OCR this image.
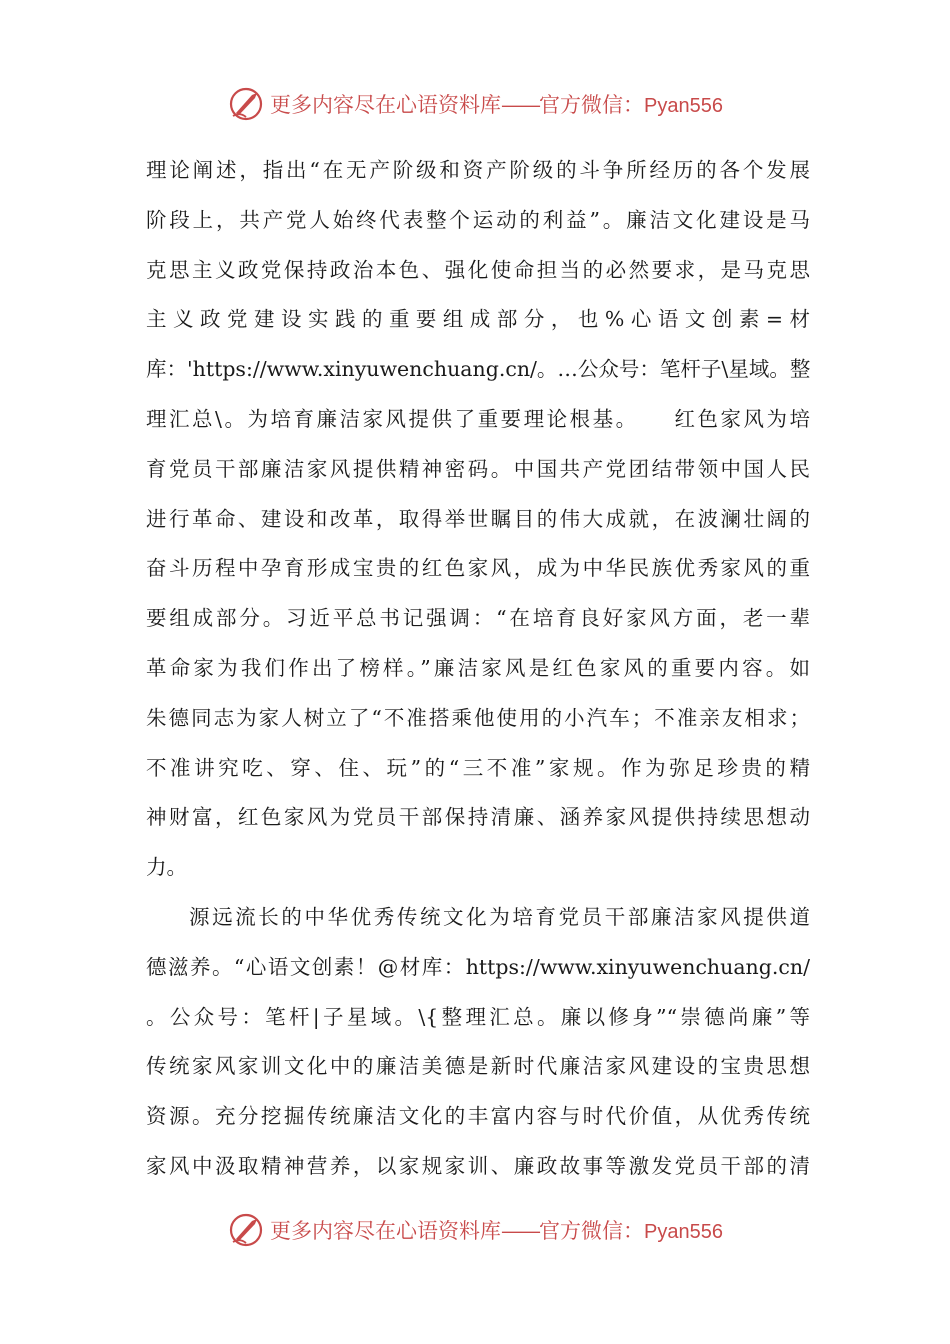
更多内容尽在心语资料库——官方微信：Pyan556
理论阐述，指出“在无产阶级和资产阶级的斗争所经历的各个发展
阶段上，共产党人始终代表整个运动的利益”。廉洁文化建设是马
克思主义政党保持政治本色、强化使命担当的必然要求，是马克思
主义政党建设实践的重要组成部分，也%心语文创素=材
库：'https://www.xinyuwenchuang.cn/。…公众号：笔杆子\星域。整
理汇总\。为培育廉洁家风提供了重要理论根基。　　红色家风为培
育党员干部廉洁家风提供精神密码。中国共产党团结带领中国人民
进行革命、建设和改革，取得举世瞩目的伟大成就，在波澜壮阔的
奋斗历程中孕育形成宝贵的红色家风，成为中华民族优秀家风的重
要组成部分。习近平总书记强调：“在培育良好家风方面，老一辈
革命家为我们作出了榜样。”廉洁家风是红色家风的重要内容。如
朱德同志为家人树立了“不准搭乘他使用的小汽车；不准亲友相求；
不准讲究吃、穿、住、玩”的“三不准”家规。作为弥足珍贵的精
神财富，红色家风为党员干部保持清廉、涵养家风提供持续思想动
力。
源远流长的中华优秀传统文化为培育党员干部廉洁家风提供道
德滋养。“心语文创素！@材库：https://www.xinyuwenchuang.cn/
。公众号：笔杆|子星域。\{整理汇总。廉以修身”“崇德尚廉”等
传统家风家训文化中的廉洁美德是新时代廉洁家风建设的宝贵思想
资源。充分挖掘传统廉洁文化的丰富内容与时代价值，从优秀传统
家风中汲取精神营养，以家规家训、廉政故事等激发党员干部的清
更多内容尽在心语资料库——官方微信：Pyan556
